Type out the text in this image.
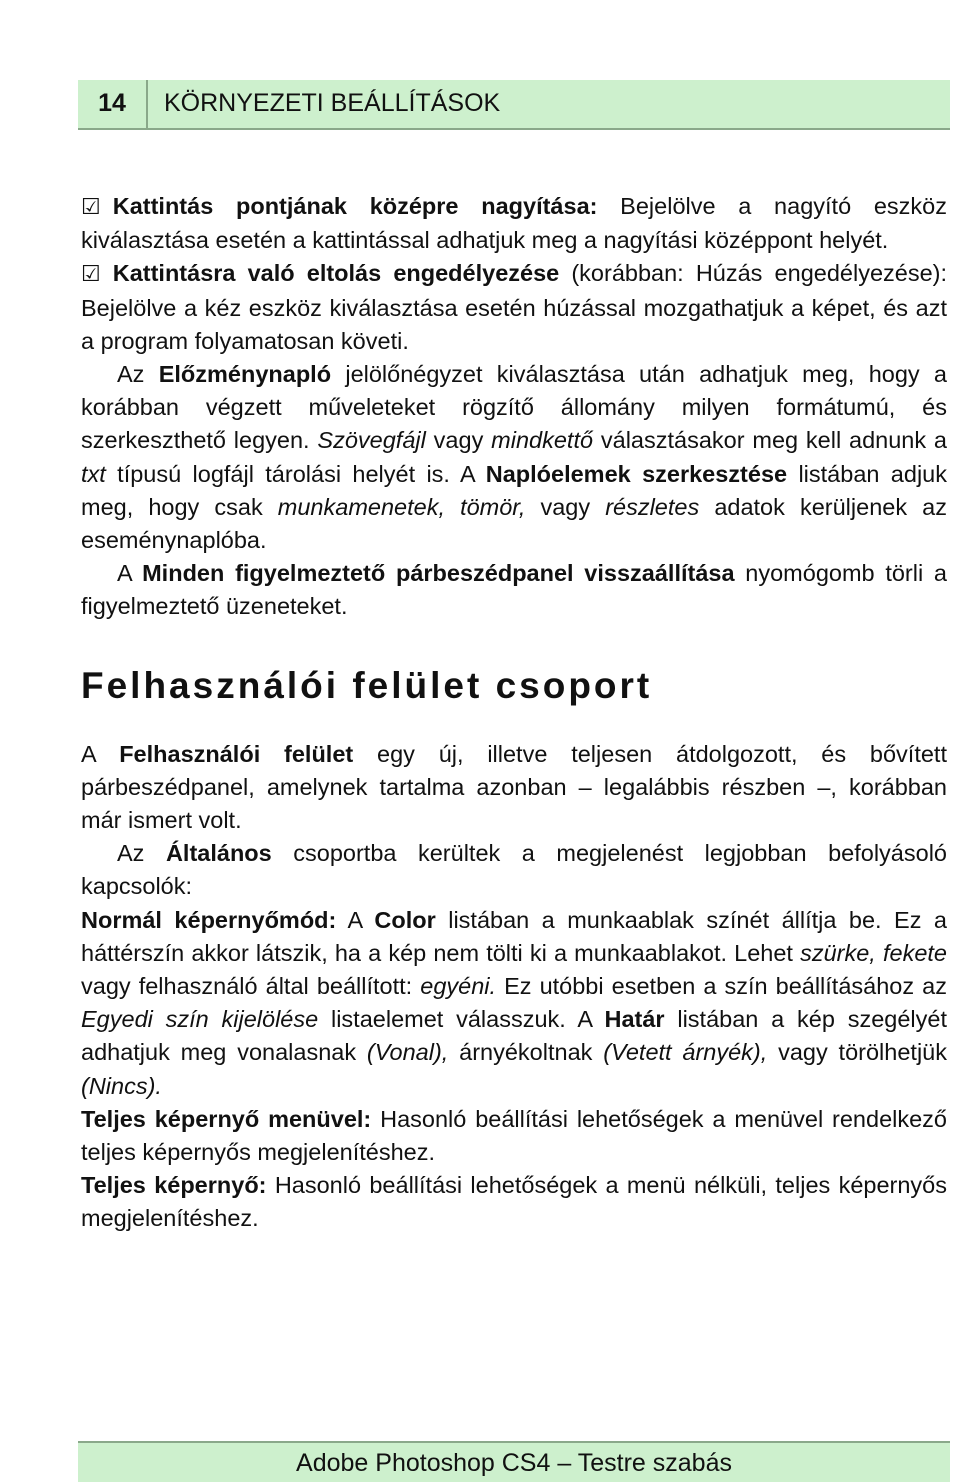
14	KÖRNYEZETI BEÁLLÍTÁSOK

☑ Kattintás pontjának középre nagyítása: Bejelölve a nagyító eszköz kiválasztása esetén a kattintással adhatjuk meg a nagyítási középpont helyét.

☑ Kattintásra való eltolás engedélyezése (korábban: Húzás engedélyezése): Bejelölve a kéz eszköz kiválasztása esetén húzással mozgathatjuk a képet, és azt a program folyamatosan követi.

Az Előzménynapló jelölőnégyzet kiválasztása után adhatjuk meg, hogy a korábban végzett műveleteket rögzítő állomány milyen formátumú, és szerkeszthető legyen. Szövegfájl vagy mindkettő választásakor meg kell adnunk a txt típusú logfájl tárolási helyét is. A Naplóelemek szerkesztése listában adjuk meg, hogy csak munkamenetek, tömör, vagy részletes adatok kerüljenek az eseménynaplóba.

A Minden figyelmeztető párbeszédpanel visszaállítása nyomógomb törli a figyelmeztető üzeneteket.

Felhasználói felület csoport

A Felhasználói felület egy új, illetve teljesen átdolgozott, és bővített párbeszédpanel, amelynek tartalma azonban – legalábbis részben –, korábban már ismert volt.

Az Általános csoportba kerültek a megjelenést legjobban befolyásoló kapcsolók:

Normál képernyőmód: A Color listában a munkaablak színét állítja be. Ez a háttérszín akkor látszik, ha a kép nem tölti ki a munkaablakot. Lehet szürke, fekete vagy felhasználó által beállított: egyéni. Ez utóbbi esetben a szín beállításához az Egyedi szín kijelölése listaelemet válasszuk. A Határ listában a kép szegélyét adhatjuk meg vonalasnak (Vonal), árnyékoltnak (Vetett árnyék), vagy törölhetjük (Nincs).

Teljes képernyő menüvel: Hasonló beállítási lehetőségek a menüvel rendelkező teljes képernyős megjelenítéshez.

Teljes képernyő: Hasonló beállítási lehetőségek a menü nélküli, teljes képernyős megjelenítéshez.

Adobe Photoshop CS4 – Testre szabás
